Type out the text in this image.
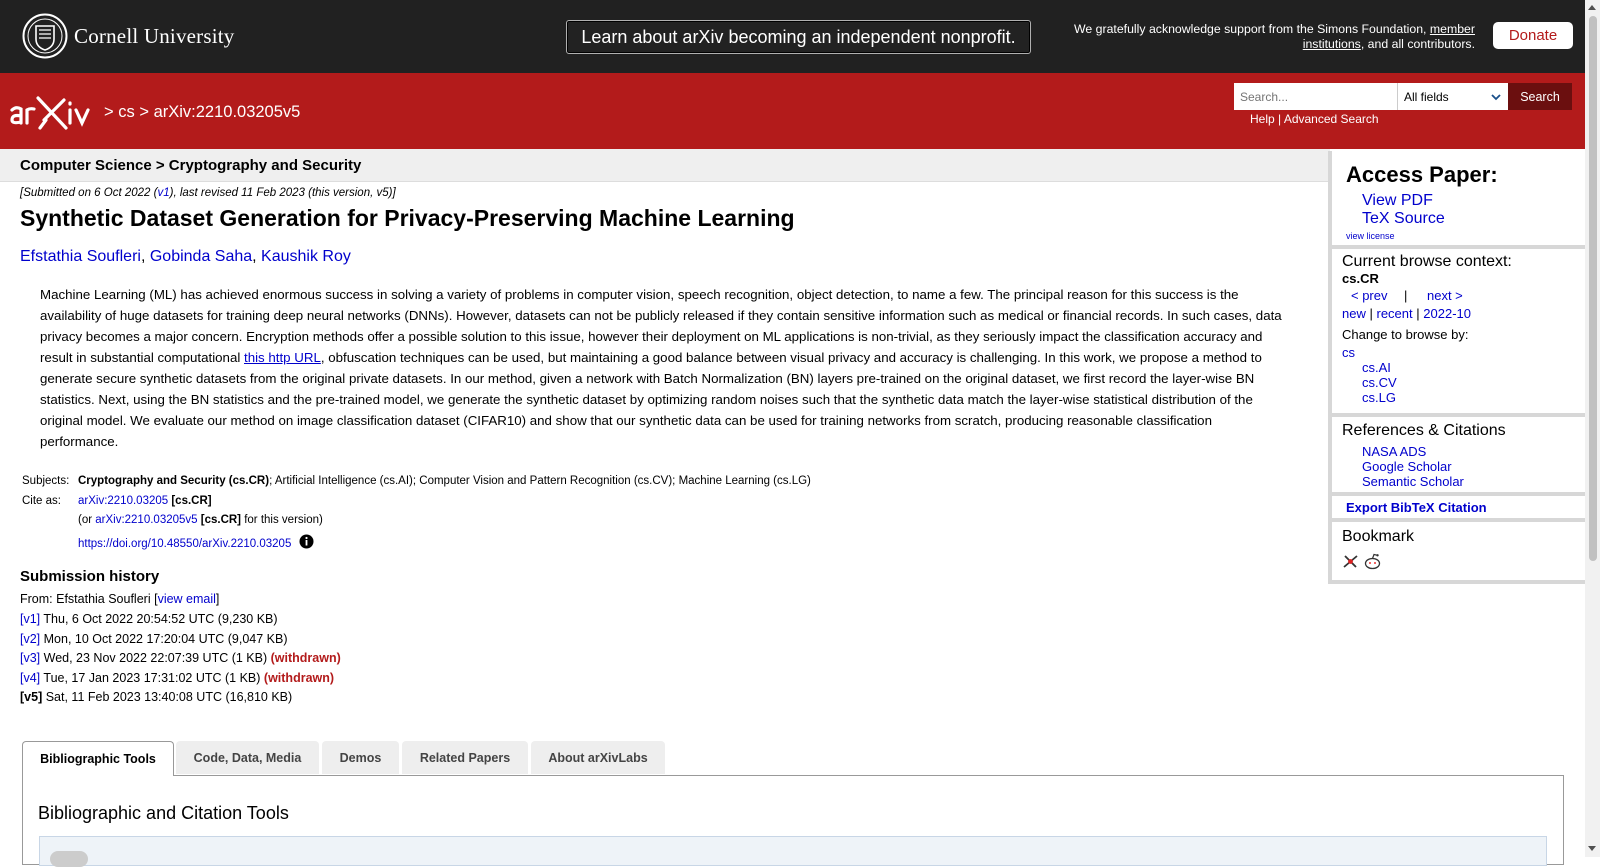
Cornell University	Learn about arXiv becoming an independent nonprofit.	We gratefully acknowledge support from the Simons Foundation, member institutions, and all contributors.	Donate
> cs > arXiv:2210.03205v5
Search...	All fields	Search
Help | Advanced Search
Computer Science > Cryptography and Security
[Submitted on 6 Oct 2022 (v1), last revised 11 Feb 2023 (this version, v5)]
Synthetic Dataset Generation for Privacy-Preserving Machine Learning
Efstathia Soufleri, Gobinda Saha, Kaushik Roy
Machine Learning (ML) has achieved enormous success in solving a variety of problems in computer vision, speech recognition, object detection, to name a few. The principal reason for this success is the availability of huge datasets for training deep neural networks (DNNs). However, datasets can not be publicly released if they contain sensitive information such as medical or financial records. In such cases, data privacy becomes a major concern. Encryption methods offer a possible solution to this issue, however their deployment on ML applications is non-trivial, as they seriously impact the classification accuracy and result in substantial computational this http URL, obfuscation techniques can be used, but maintaining a good balance between visual privacy and accuracy is challenging. In this work, we propose a method to generate secure synthetic datasets from the original private datasets. In our method, given a network with Batch Normalization (BN) layers pre-trained on the original dataset, we first record the layer-wise BN statistics. Next, using the BN statistics and the pre-trained model, we generate the synthetic dataset by optimizing random noises such that the synthetic data match the layer-wise statistical distribution of the original model. We evaluate our method on image classification dataset (CIFAR10) and show that our synthetic data can be used for training networks from scratch, producing reasonable classification performance.
Subjects: Cryptography and Security (cs.CR); Artificial Intelligence (cs.AI); Computer Vision and Pattern Recognition (cs.CV); Machine Learning (cs.LG)
Cite as: arXiv:2210.03205 [cs.CR]
(or arXiv:2210.03205v5 [cs.CR] for this version)
https://doi.org/10.48550/arXiv.2210.03205
Submission history
From: Efstathia Soufleri [view email]
[v1] Thu, 6 Oct 2022 20:54:52 UTC (9,230 KB)
[v2] Mon, 10 Oct 2022 17:20:04 UTC (9,047 KB)
[v3] Wed, 23 Nov 2022 22:07:39 UTC (1 KB) (withdrawn)
[v4] Tue, 17 Jan 2023 17:31:02 UTC (1 KB) (withdrawn)
[v5] Sat, 11 Feb 2023 13:40:08 UTC (16,810 KB)
Bibliographic Tools	Code, Data, Media	Demos	Related Papers	About arXivLabs
Bibliographic and Citation Tools
Access Paper:
View PDF
TeX Source
view license
Current browse context:
cs.CR
< prev | next >
new | recent | 2022-10
Change to browse by:
cs
cs.AI
cs.CV
cs.LG
References & Citations
NASA ADS
Google Scholar
Semantic Scholar
Export BibTeX Citation
Bookmark
